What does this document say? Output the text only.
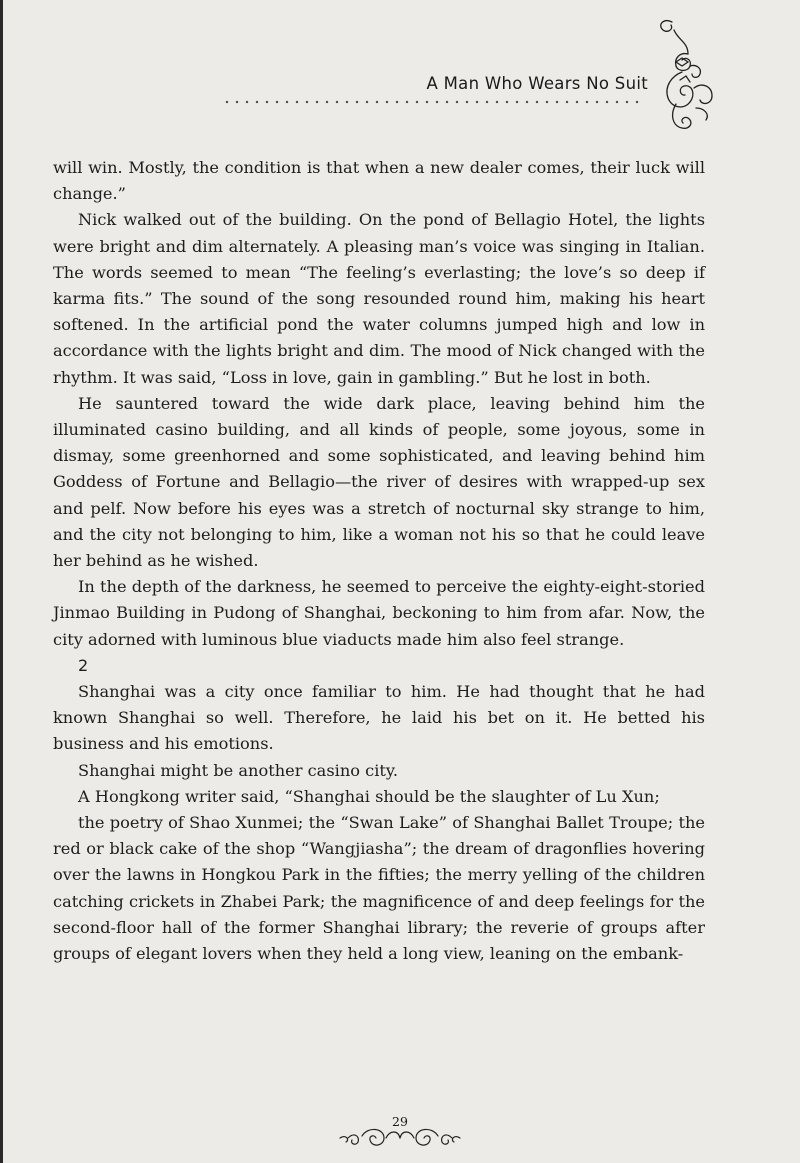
A Man Who Wears No Suit

will win. Mostly, the condition is that when a new dealer comes, their luck will change.”

Nick walked out of the building. On the pond of Bellagio Hotel, the lights were bright and dim alternately. A pleasing man’s voice was singing in Italian. The words seemed to mean “The feeling’s everlasting; the love’s so deep if karma fits.” The sound of the song resounded round him, making his heart softened. In the artificial pond the water columns jumped high and low in accordance with the lights bright and dim. The mood of Nick changed with the rhythm. It was said, “Loss in love, gain in gambling.” But he lost in both.

He sauntered toward the wide dark place, leaving behind him the illuminated casino building, and all kinds of people, some joyous, some in dismay, some greenhorned and some sophisticated, and leaving behind him Goddess of Fortune and Bellagio—the river of desires with wrapped-up sex and pelf. Now before his eyes was a stretch of nocturnal sky strange to him, and the city not belonging to him, like a woman not his so that he could leave her behind as he wished.

In the depth of the darkness, he seemed to perceive the eighty-eight-storied Jinmao Building in Pudong of Shanghai, beckoning to him from afar. Now, the city adorned with luminous blue viaducts made him also feel strange.

2

Shanghai was a city once familiar to him. He had thought that he had known Shanghai so well. Therefore, he laid his bet on it. He betted his business and his emotions.

Shanghai might be another casino city.

A Hongkong writer said, “Shanghai should be the slaughter of Lu Xun;

the poetry of Shao Xunmei; the “Swan Lake” of Shanghai Ballet Troupe; the red or black cake of the shop “Wangjiasha”; the dream of dragonflies hovering over the lawns in Hongkou Park in the fifties; the merry yelling of the children catching crickets in Zhabei Park; the magnificence of and deep feelings for the second-floor hall of the former Shanghai library; the reverie of groups after groups of elegant lovers when they held a long view, leaning on the embank-

29
